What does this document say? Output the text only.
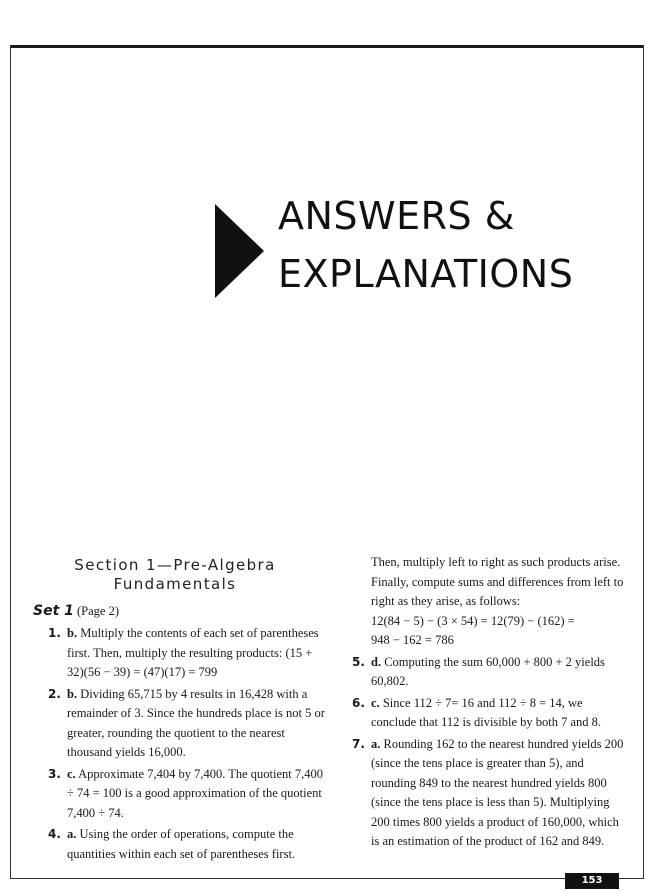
ANSWERS &
EXPLANATIONS
Section 1—Pre-Algebra
Fundamentals
Set 1 (Page 2)
1. b. Multiply the contents of each set of parentheses first. Then, multiply the resulting products: (15 + 32)(56 − 39) = (47)(17) = 799
2. b. Dividing 65,715 by 4 results in 16,428 with a remainder of 3. Since the hundreds place is not 5 or greater, rounding the quotient to the nearest thousand yields 16,000.
3. c. Approximate 7,404 by 7,400. The quotient 7,400 ÷ 74 = 100 is a good approximation of the quotient 7,400 ÷ 74.
4. a. Using the order of operations, compute the quantities within each set of parentheses first.
Then, multiply left to right as such products arise. Finally, compute sums and differences from left to right as they arise, as follows:
12(84 − 5) − (3 × 54) = 12(79) − (162) =
948 − 162 = 786
5. d. Computing the sum 60,000 + 800 + 2 yields 60,802.
6. c. Since 112 ÷ 7= 16 and 112 ÷ 8 = 14, we conclude that 112 is divisible by both 7 and 8.
7. a. Rounding 162 to the nearest hundred yields 200 (since the tens place is greater than 5), and rounding 849 to the nearest hundred yields 800 (since the tens place is less than 5). Multiplying 200 times 800 yields a product of 160,000, which is an estimation of the product of 162 and 849.
153
